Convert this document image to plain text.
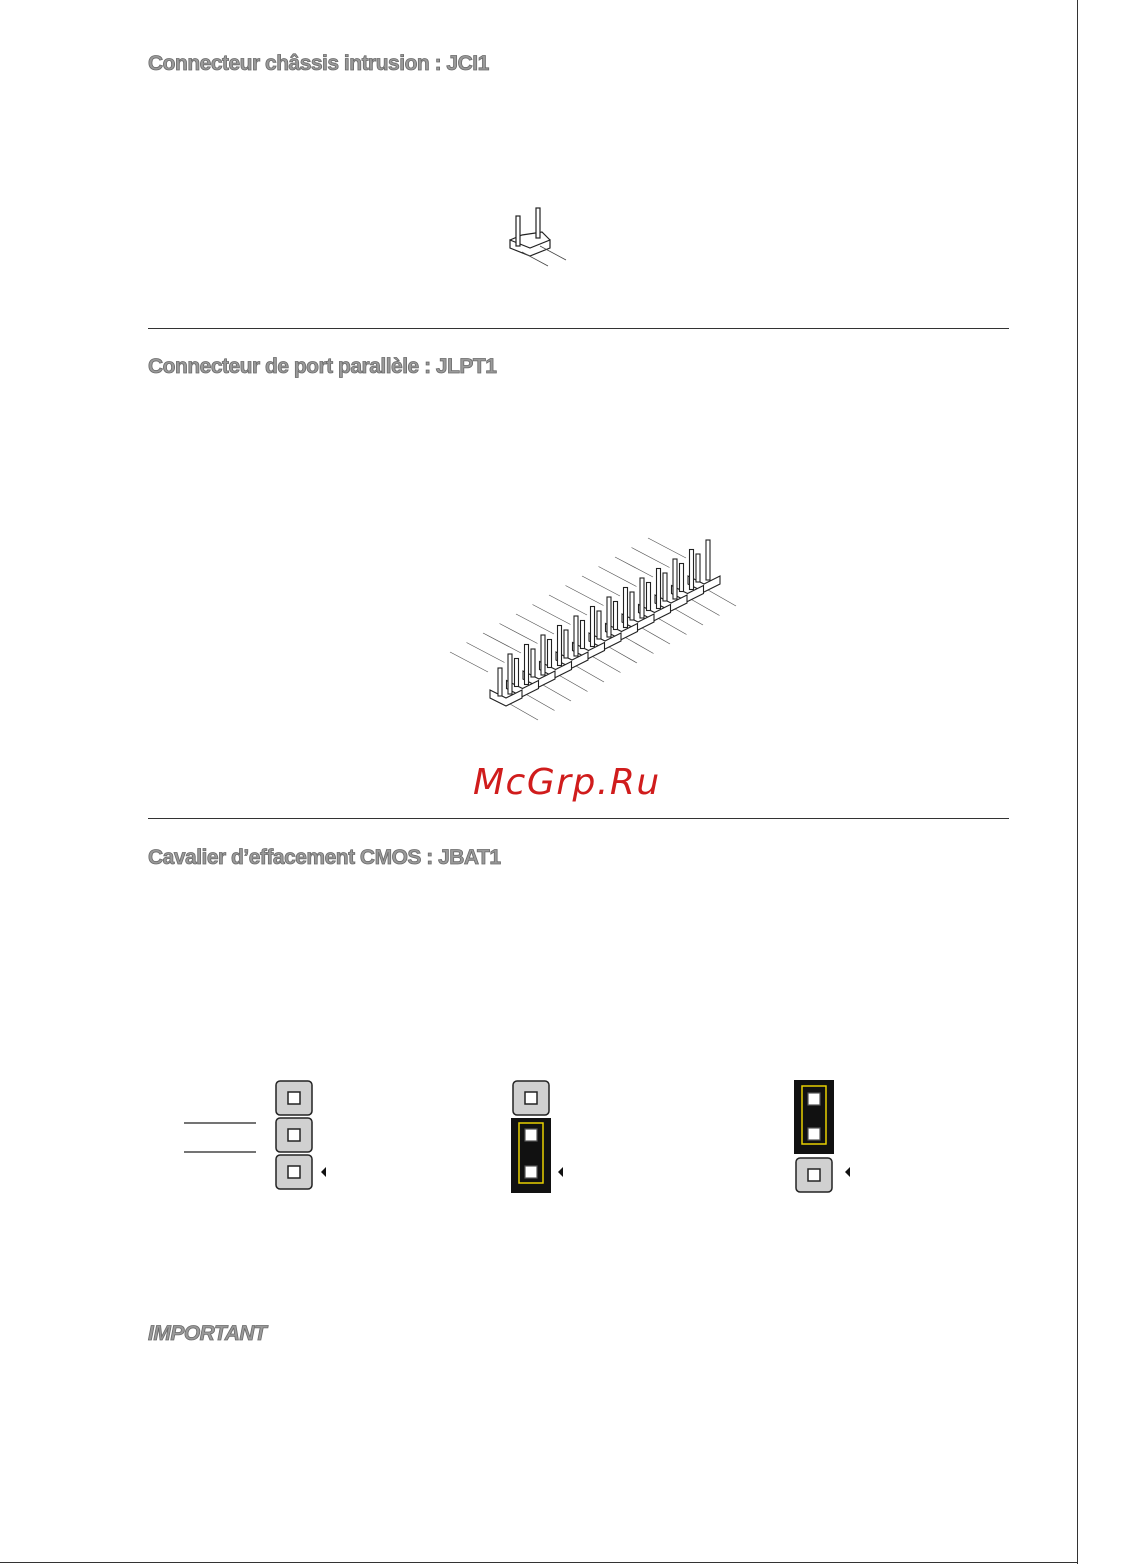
Connecteur châssis intrusion : JCI1
Connecteur de port parallèle : JLPT1
McGrp.Ru
Cavalier d’effacement CMOS : JBAT1
IMPORTANT
